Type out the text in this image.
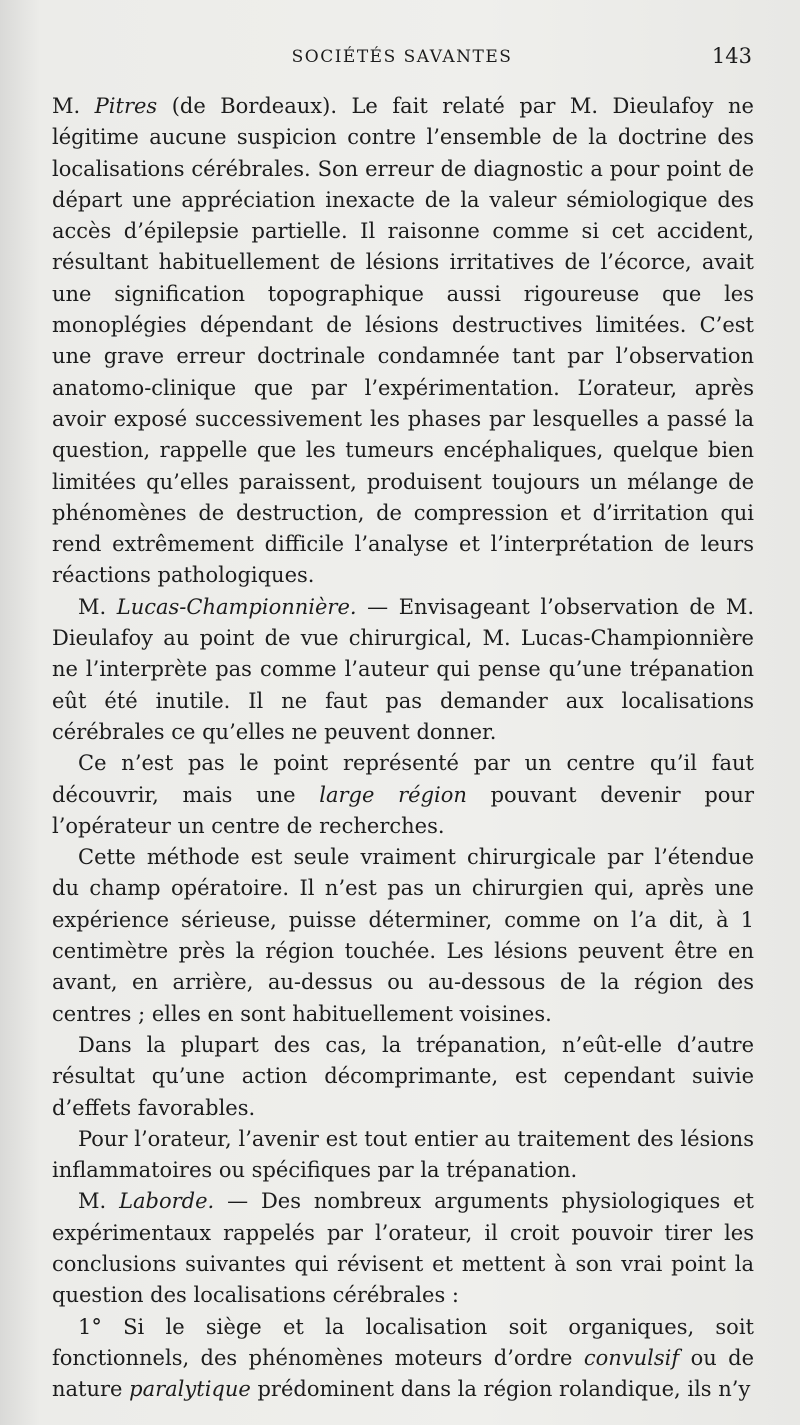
SOCIÉTÉS SAVANTES	143

M. Pitres (de Bordeaux). Le fait relaté par M. Dieulafoy ne légitime aucune suspicion contre l’ensemble de la doctrine des localisations cérébrales. Son erreur de diagnostic a pour point de départ une appréciation inexacte de la valeur sémiologique des accès d’épilepsie partielle. Il raisonne comme si cet accident, résultant habituellement de lésions irritatives de l’écorce, avait une signification topographique aussi rigoureuse que les monoplégies dépendant de lésions destructives limitées. C’est une grave erreur doctrinale condamnée tant par l’observation anatomo-clinique que par l’expérimentation. L’orateur, après avoir exposé successivement les phases par lesquelles a passé la question, rappelle que les tumeurs encéphaliques, quelque bien limitées qu’elles paraissent, produisent toujours un mélange de phénomènes de destruction, de compression et d’irritation qui rend extrêmement difficile l’analyse et l’interprétation de leurs réactions pathologiques.

M. Lucas-Championnière. — Envisageant l’observation de M. Dieulafoy au point de vue chirurgical, M. Lucas-Championnière ne l’interprète pas comme l’auteur qui pense qu’une trépanation eût été inutile. Il ne faut pas demander aux localisations cérébrales ce qu’elles ne peuvent donner.

Ce n’est pas le point représenté par un centre qu’il faut découvrir, mais une large région pouvant devenir pour l’opérateur un centre de recherches.

Cette méthode est seule vraiment chirurgicale par l’étendue du champ opératoire. Il n’est pas un chirurgien qui, après une expérience sérieuse, puisse déterminer, comme on l’a dit, à 1 centimètre près la région touchée. Les lésions peuvent être en avant, en arrière, au-dessus ou au-dessous de la région des centres ; elles en sont habituellement voisines.

Dans la plupart des cas, la trépanation, n’eût-elle d’autre résultat qu’une action décomprimante, est cependant suivie d’effets favorables.

Pour l’orateur, l’avenir est tout entier au traitement des lésions inflammatoires ou spécifiques par la trépanation.

M. Laborde. — Des nombreux arguments physiologiques et expérimentaux rappelés par l’orateur, il croit pouvoir tirer les conclusions suivantes qui révisent et mettent à son vrai point la question des localisations cérébrales :

1° Si le siège et la localisation soit organiques, soit fonctionnels, des phénomènes moteurs d’ordre convulsif ou de nature paralytique prédominent dans la région rolandique, ils n’y
